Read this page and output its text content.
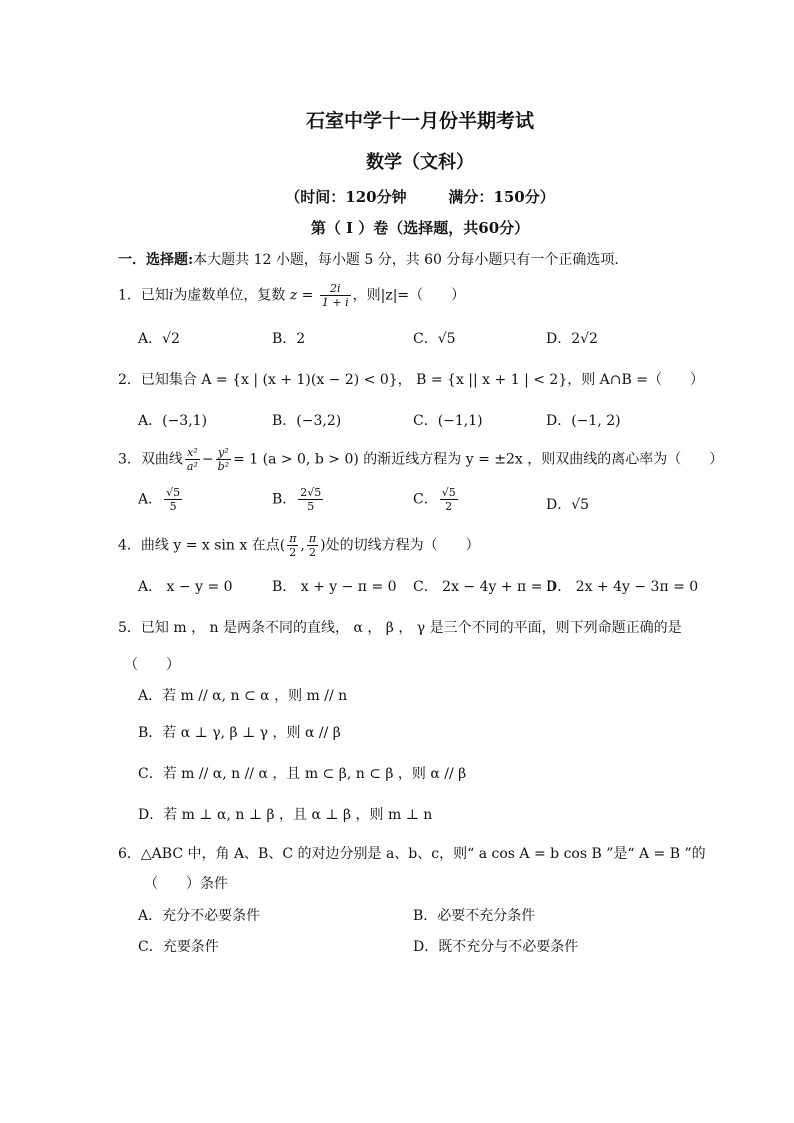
石室中学十一月份半期考试
数学（文科）
（时间：120分钟        满分：150分）
第（ I ）卷（选择题，共60分）
一．选择题:本大题共 12 小题，每小题 5 分，共 60 分每小题只有一个正确选项.
1．已知i为虚数单位，复数 $z = \frac{2i}{1 + i}$ ，则|z|=（　　）
A．√2	B．2	C．√5	D．2√2
2．已知集合 A = {x | (x + 1)(x − 2) < 0}， B = {x || x + 1 | < 2}，则 A∩B =（　　）
A．(−3,1)	B．(−3,2)	C．(−1,1)	D．(−1, 2)
3．双曲线 $\frac{\text{x²}}{\text{a²}} - \frac{\text{y²}}{\text{b²}} = 1$ (a > 0, b > 0) 的渐近线方程为 y = ±2x ，则双曲线的离心率为（　　）
A． $\frac{√5}{5}$	B． $\frac{2√5}{5}$	C． $\frac{√5}{2}$	D．√5
4．曲线 y = x sin x 在点( $\frac{\pi}{2}$ , $\frac{\pi}{2}$ )处的切线方程为（　　）
A． x − y = 0	B． x + y − π = 0 C． 2x − 4y + π = 0
D． 2x + 4y − 3π = 0
5．已知 m ， n 是两条不同的直线， α ， β ， γ 是三个不同的平面，则下列命题正确的是
（　　）
A．若 m // α, n ⊂ α ，则 m // n
B．若 α ⊥ γ, β ⊥ γ ，则 α // β
C．若 m // α, n // α ，且 m ⊂ β, n ⊂ β ，则 α // β
D．若 m ⊥ α, n ⊥ β ，且 α ⊥ β ，则 m ⊥ n
6．△ABC 中，角 A、B、C 的对边分别是 a、b、c，则“ a cos A = b cos B ”是“ A = B ”的
（　　）条件
A．充分不必要条件	B．必要不充分条件
C．充要条件	D．既不充分与不必要条件
